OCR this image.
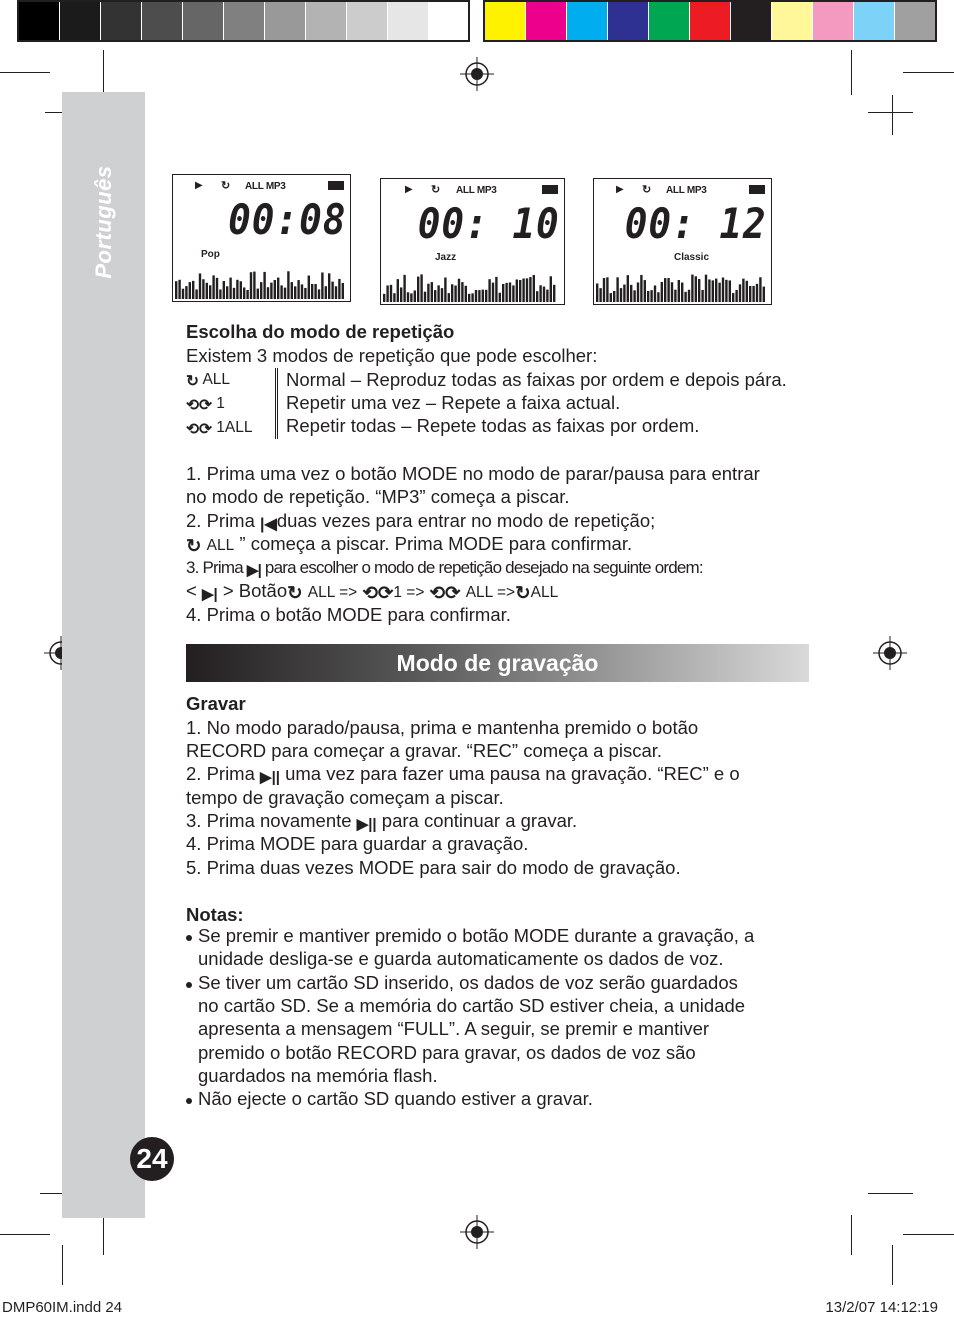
Português
24
▶ ↻ ALL MP3
00:08
Pop
▶ ↻ ALL MP3
00: 10
Jazz
▶ ↻ ALL MP3
00: 12
Classic
Escolha do modo de repetição
Existem 3 modos de repetição que pode escolher:
↻ ALL
⟲⟳ 1
⟲⟳ 1ALL
Normal – Reproduz todas as faixas por ordem e depois pára.
Repetir uma vez – Repete a faixa actual.
Repetir todas – Repete todas as faixas por ordem.
1. Prima uma vez o botão MODE no modo de parar/pausa para entrar
no modo de repetição. “MP3” começa a piscar.
2. Prima |◀duas vezes para entrar no modo de repetição;
↻ ALL ” começa a piscar. Prima MODE para confirmar.
3. Prima ▶| para escolher o modo de repetição desejado na seguinte ordem:
< ▶| > Botão↻ ALL => ⟲⟳1 => ⟲⟳ ALL =>↻ALL
4. Prima o botão MODE para confirmar.
Modo de gravação
Gravar
1. No modo parado/pausa, prima e mantenha premido o botão
RECORD para começar a gravar. “REC” começa a piscar.
2. Prima ▶|| uma vez para fazer uma pausa na gravação. “REC” e o
tempo de gravação começam a piscar.
3. Prima novamente ▶|| para continuar a gravar.
4. Prima MODE para guardar a gravação.
5. Prima duas vezes MODE para sair do modo de gravação.
Notas:
Se premir e mantiver premido o botão MODE durante a gravação, a
unidade desliga-se e guarda automaticamente os dados de voz.
Se tiver um cartão SD inserido, os dados de voz serão guardados
no cartão SD. Se a memória do cartão SD estiver cheia, a unidade
apresenta a mensagem “FULL”. A seguir, se premir e mantiver
premido o botão RECORD para gravar, os dados de voz são
guardados na memória flash.
Não ejecte o cartão SD quando estiver a gravar.
DMP60IM.indd 24	13/2/07 14:12:19
